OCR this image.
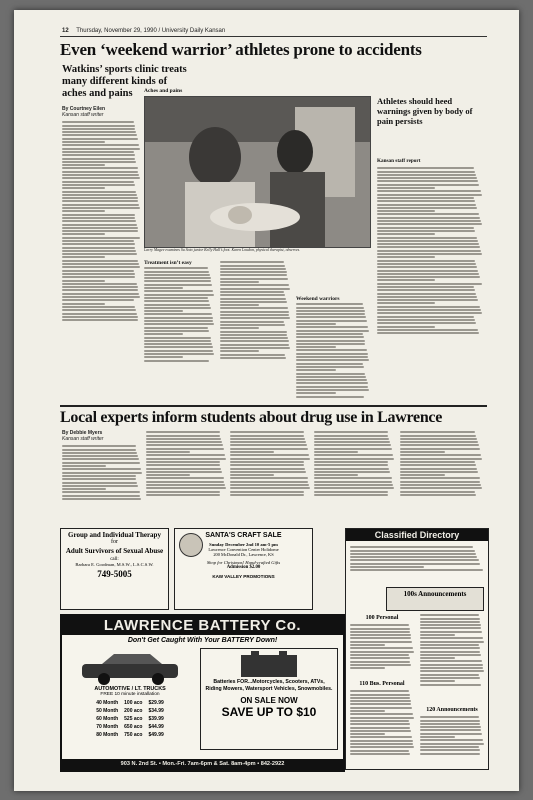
12 Thursday, November 29, 1990 / University Daily Kansan
Even ‘weekend warrior’ athletes prone to accidents
Watkins’ sports clinic treats many different kinds of aches and pains
By Courtney Eilen
Kansan staff writer
Larry Magee examines Su Soto junior Kelly Hall’s foot. Karen Loudon, physical therapist, observes.
Treatment isn’t easy
Weekend warriors
Athletes should heed warnings given by body of pain persists
Kansan staff report
Aches and pains
Local experts inform students about drug use in Lawrence
By Debbie Myers
Kansan staff writer
Group and Individual Therapy
for
Adult Survivors of Sexual Abuse
call:
Barbara E. Goodman, M.S.W., L.S.C.S.W.
749-5005
SANTA'S CRAFT SALE
Sunday December 2nd 10 am-5 pm
Lawrence Convention Center Holidome
200 McDonald Dr., Lawrence, KS
Shop for Christmas! Hand-crafted Gifts
Admission $2.00
KAW VALLEY PROMOTIONS
LAWRENCE BATTERY Co.
Don't Get Caught With Your BATTERY Down!
AUTOMOTIVE / LT. TRUCKS
FREE 10 minute installation
40 Month	100 aco	$29.99
50 Month	200 aco	$34.99
60 Month	525 aco	$39.99
70 Month	650 aco	$44.99
80 Month	750 aco	$49.99
Batteries FOR...Motorcycles, Scooters, ATVs, Riding Mowers, Watersport Vehicles, Snowmobiles.
ON SALE NOW
SAVE UP TO $10
903 N. 2nd St. • Mon.-Fri. 7am-6pm & Sat. 8am-4pm • 842-2922
Classified Directory
100s Announcements
100 Personal
110 Bus. Personal
120 Announcements
